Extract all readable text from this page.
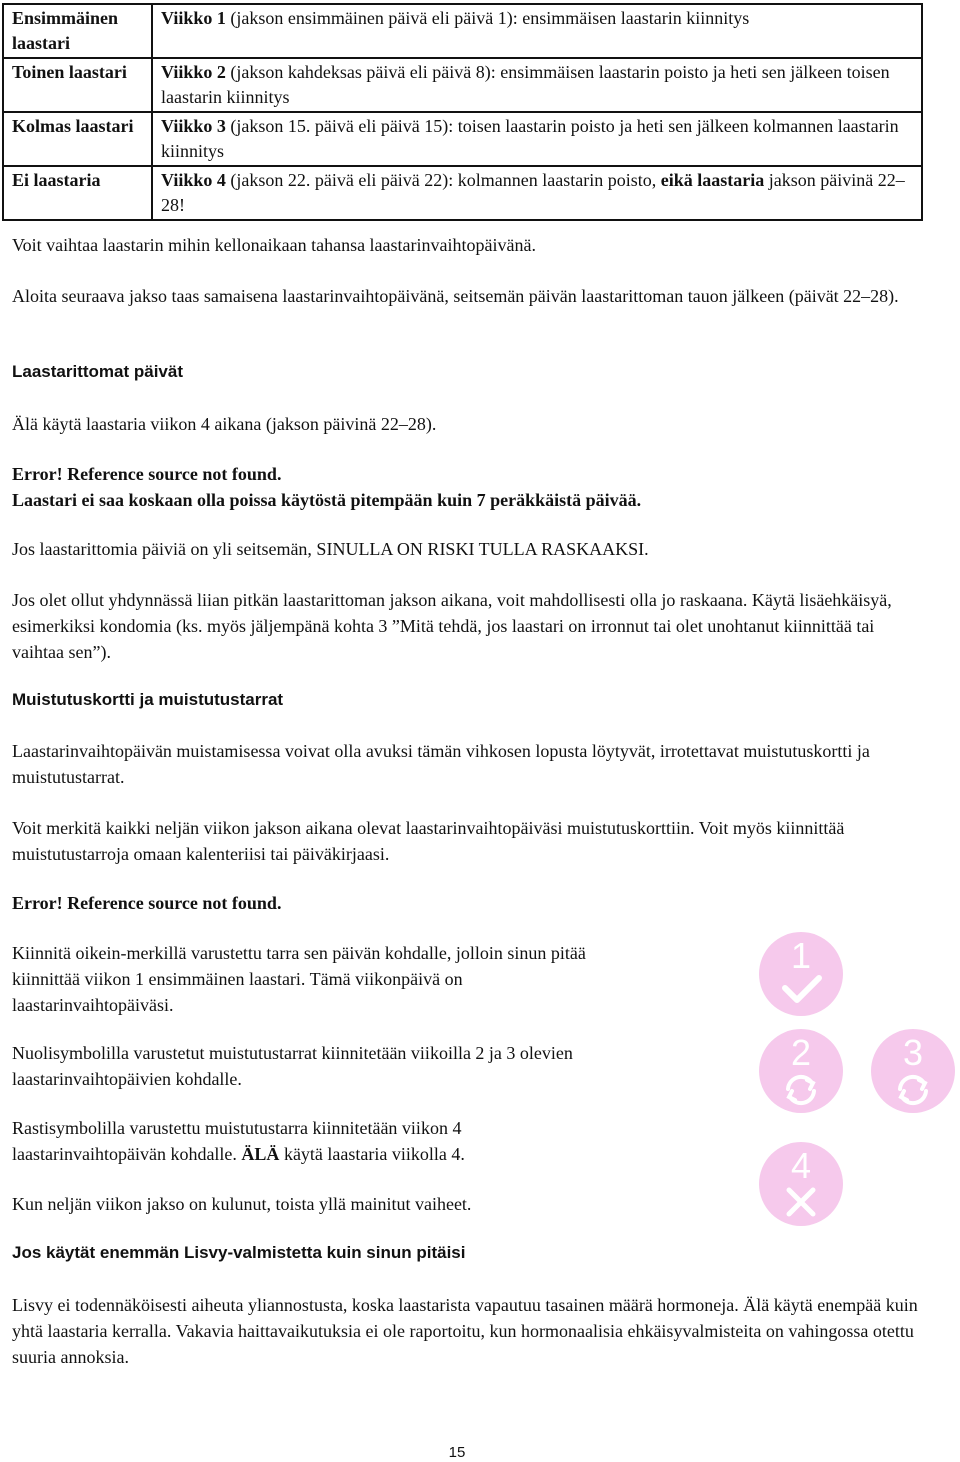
Ensimmäinen laastari	Viikko 1 (jakson ensimmäinen päivä eli päivä 1): ensimmäisen laastarin kiinnitys
Toinen laastari	Viikko 2 (jakson kahdeksas päivä eli päivä 8): ensimmäisen laastarin poisto ja heti sen jälkeen toisen laastarin kiinnitys
Kolmas laastari	Viikko 3 (jakson 15. päivä eli päivä 15): toisen laastarin poisto ja heti sen jälkeen kolmannen laastarin kiinnitys
Ei laastaria	Viikko 4 (jakson 22. päivä eli päivä 22): kolmannen laastarin poisto, eikä laastaria jakson päivinä 22–28!

Voit vaihtaa laastarin mihin kellonaikaan tahansa laastarinvaihtopäivänä.

Aloita seuraava jakso taas samaisena laastarinvaihtopäivänä, seitsemän päivän laastarittoman tauon jälkeen (päivät 22–28).

Laastarittomat päivät

Älä käytä laastaria viikon 4 aikana (jakson päivinä 22–28).

Error! Reference source not found.

Laastari ei saa koskaan olla poissa käytöstä pitempään kuin 7 peräkkäistä päivää.

Jos laastarittomia päiviä on yli seitsemän, SINULLA ON RISKI TULLA RASKAAKSI.

Jos olet ollut yhdynnässä liian pitkän laastarittoman jakson aikana, voit mahdollisesti olla jo raskaana. Käytä lisäehkäisyä, esimerkiksi kondomia (ks. myös jäljempänä kohta 3 ”Mitä tehdä, jos laastari on irronnut tai olet unohtanut kiinnittää tai vaihtaa sen”).

Muistutuskortti ja muistutustarrat

Laastarinvaihtopäivän muistamisessa voivat olla avuksi tämän vihkosen lopusta löytyvät, irrotettavat muistutuskortti ja muistutustarrat.

Voit merkitä kaikki neljän viikon jakson aikana olevat laastarinvaihtopäiväsi muistutuskorttiin. Voit myös kiinnittää muistutustarroja omaan kalenteriisi tai päiväkirjaasi.

Error! Reference source not found.

Kiinnitä oikein-merkillä varustettu tarra sen päivän kohdalle, jolloin sinun pitää kiinnittää viikon 1 ensimmäinen laastari. Tämä viikonpäivä on laastarinvaihtopäiväsi.

Nuolisymbolilla varustetut muistutustarrat kiinnitetään viikoilla 2 ja 3 olevien laastarinvaihtopäivien kohdalle.

Rastisymbolilla varustettu muistutustarra kiinnitetään viikon 4 laastarinvaihtopäivän kohdalle. ÄLÄ käytä laastaria viikolla 4.

Kun neljän viikon jakso on kulunut, toista yllä mainitut vaiheet.

Jos käytät enemmän Lisvy-valmistetta kuin sinun pitäisi

Lisvy ei todennäköisesti aiheuta yliannostusta, koska laastarista vapautuu tasainen määrä hormoneja. Älä käytä enempää kuin yhtä laastaria kerralla. Vakavia haittavaikutuksia ei ole raportoitu, kun hormonaalisia ehkäisyvalmisteita on vahingossa otettu suuria annoksia.

1
2	3
4
15
